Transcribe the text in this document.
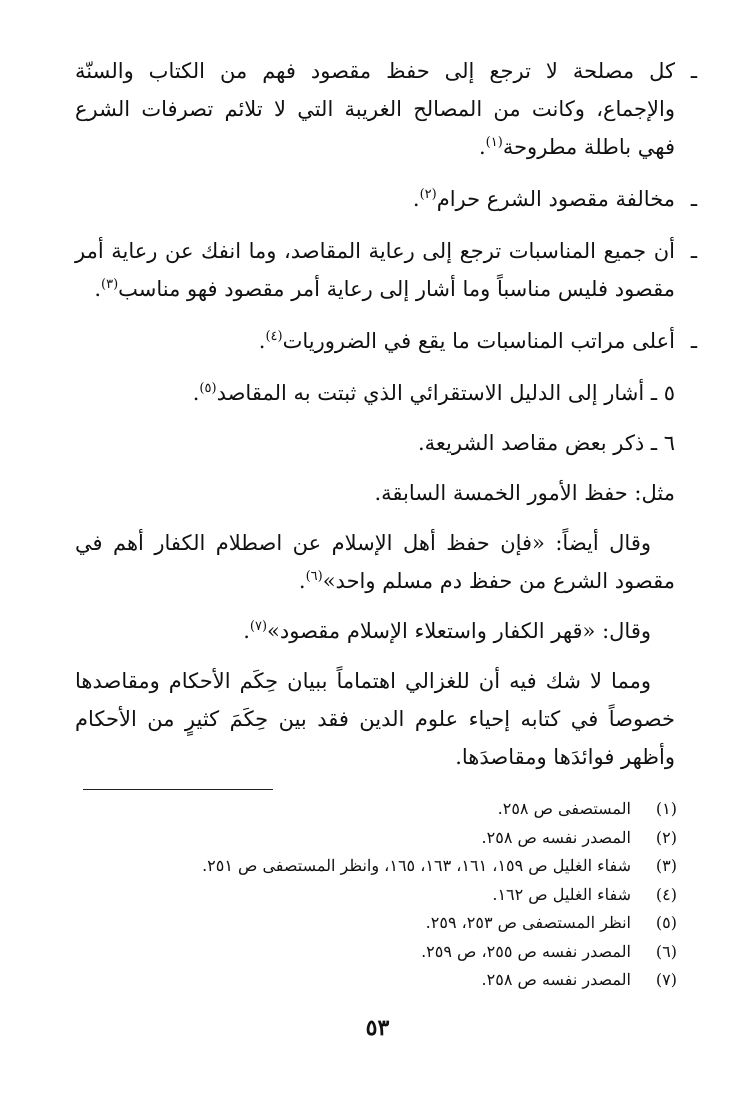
ـ
كل مصلحة لا ترجع إلى حفظ مقصود فهم من الكتاب والسنّة والإجماع، وكانت من المصالح الغريبة التي لا تلائم تصرفات الشرع فهي باطلة مطروحة$^{(١)}$.
ـ
مخالفة مقصود الشرع حرام$^{(٢)}$.
ـ
أن جميع المناسبات ترجع إلى رعاية المقاصد، وما انفك عن رعاية أمر مقصود فليس مناسباً وما أشار إلى رعاية أمر مقصود فهو مناسب$^{(٣)}$.
ـ
أعلى مراتب المناسبات ما يقع في الضروريات$^{(٤)}$.
٥ ـ أشار إلى الدليل الاستقرائي الذي ثبتت به المقاصد$^{(٥)}$.
٦ ـ ذكر بعض مقاصد الشريعة.
مثل: حفظ الأمور الخمسة السابقة.
وقال أيضاً: «فإن حفظ أهل الإسلام عن اصطلام الكفار أهم في مقصود الشرع من حفظ دم مسلم واحد»$^{(٦)}$.
وقال: «قهر الكفار واستعلاء الإسلام مقصود»$^{(٧)}$.
ومما لا شك فيه أن للغزالي اهتماماً ببيان حِكَم الأحكام ومقاصدها خصوصاً في كتابه إحياء علوم الدين فقد بين حِكَمَ كثيرٍ من الأحكام وأظهر فوائدَها ومقاصدَها.
(١)
المستصفى ص ٢٥٨.
(٢)
المصدر نفسه ص ٢٥٨.
(٣)
شفاء الغليل ص ١٥٩، ١٦١، ١٦٣، ١٦٥، وانظر المستصفى ص ٢٥١.
(٤)
شفاء الغليل ص ١٦٢.
(٥)
انظر المستصفى ص ٢٥٣، ٢٥٩.
(٦)
المصدر نفسه ص ٢٥٥، ص ٢٥٩.
(٧)
المصدر نفسه ص ٢٥٨.
٥٣
